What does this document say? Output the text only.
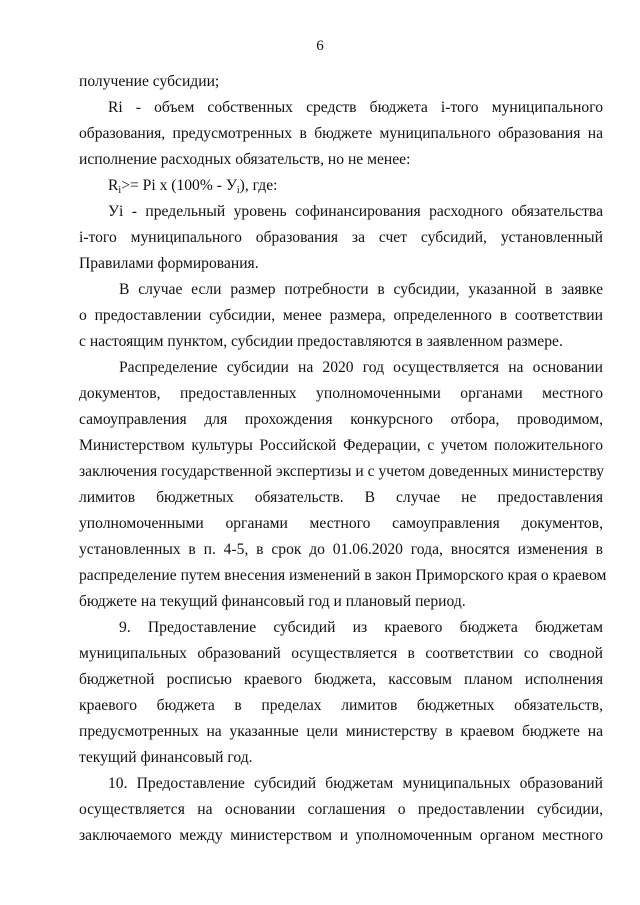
6
получение субсидии;
Ri - объем собственных средств бюджета i-того муниципального
образования, предусмотренных в бюджете муниципального образования на
исполнение расходных обязательств, но не менее:
$R_i>= Pi$ x $(100\% - У_i)$, где:
Уi - предельный уровень софинансирования расходного обязательства
i-того муниципального образования за счет субсидий, установленный
Правилами формирования.
В случае если размер потребности в субсидии, указанной в заявке
о предоставлении субсидии, менее размера, определенного в соответствии
с настоящим пунктом, субсидии предоставляются в заявленном размере.
Распределение субсидии на 2020 год осуществляется на основании
документов, предоставленных уполномоченными органами местного
самоуправления для прохождения конкурсного отбора, проводимом,
Министерством культуры Российской Федерации, с учетом положительного
заключения государственной экспертизы и с учетом доведенных министерству
лимитов бюджетных обязательств. В случае не предоставления
уполномоченными органами местного самоуправления документов,
установленных в п. 4-5, в срок до 01.06.2020 года, вносятся изменения в
распределение путем внесения изменений в закон Приморского края о краевом
бюджете на текущий финансовый год и плановый период.
9. Предоставление субсидий из краевого бюджета бюджетам
муниципальных образований осуществляется в соответствии со сводной
бюджетной росписью краевого бюджета, кассовым планом исполнения
краевого бюджета в пределах лимитов бюджетных обязательств,
предусмотренных на указанные цели министерству в краевом бюджете на
текущий финансовый год.
10. Предоставление субсидий бюджетам муниципальных образований
осуществляется на основании соглашения о предоставлении субсидии,
заключаемого между министерством и уполномоченным органом местного
